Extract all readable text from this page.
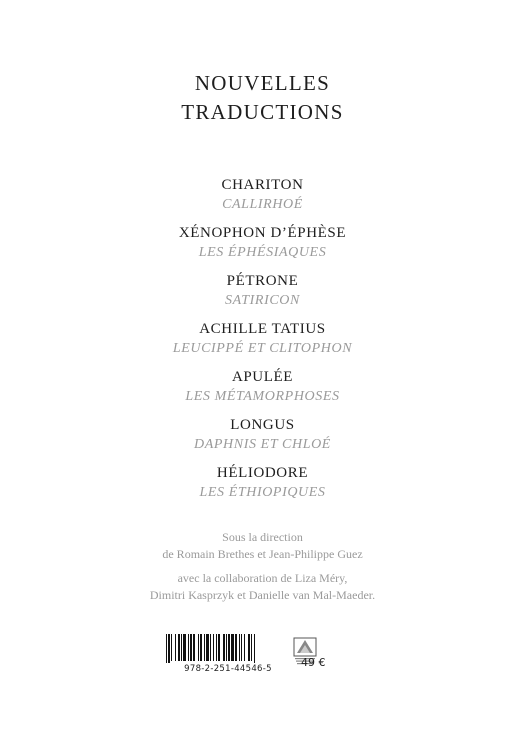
NOUVELLES
TRADUCTIONS
CHARITON
CALLIRHOÉ
XÉNOPHON D’ÉPHÈSE
LES ÉPHÉSIAQUES
PÉTRONE
SATIRICON
ACHILLE TATIUS
LEUCIPPÉ ET CLITOPHON
APULÉE
LES MÉTAMORPHOSES
LONGUS
DAPHNIS ET CHLOÉ
HÉLIODORE
LES ÉTHIOPIQUES
Sous la direction
de Romain Brethes et Jean-Philippe Guez
avec la collaboration de Liza Méry,
Dimitri Kasprzyk et Danielle van Mal-Maeder.
978-2-251-44546-5	49 €
